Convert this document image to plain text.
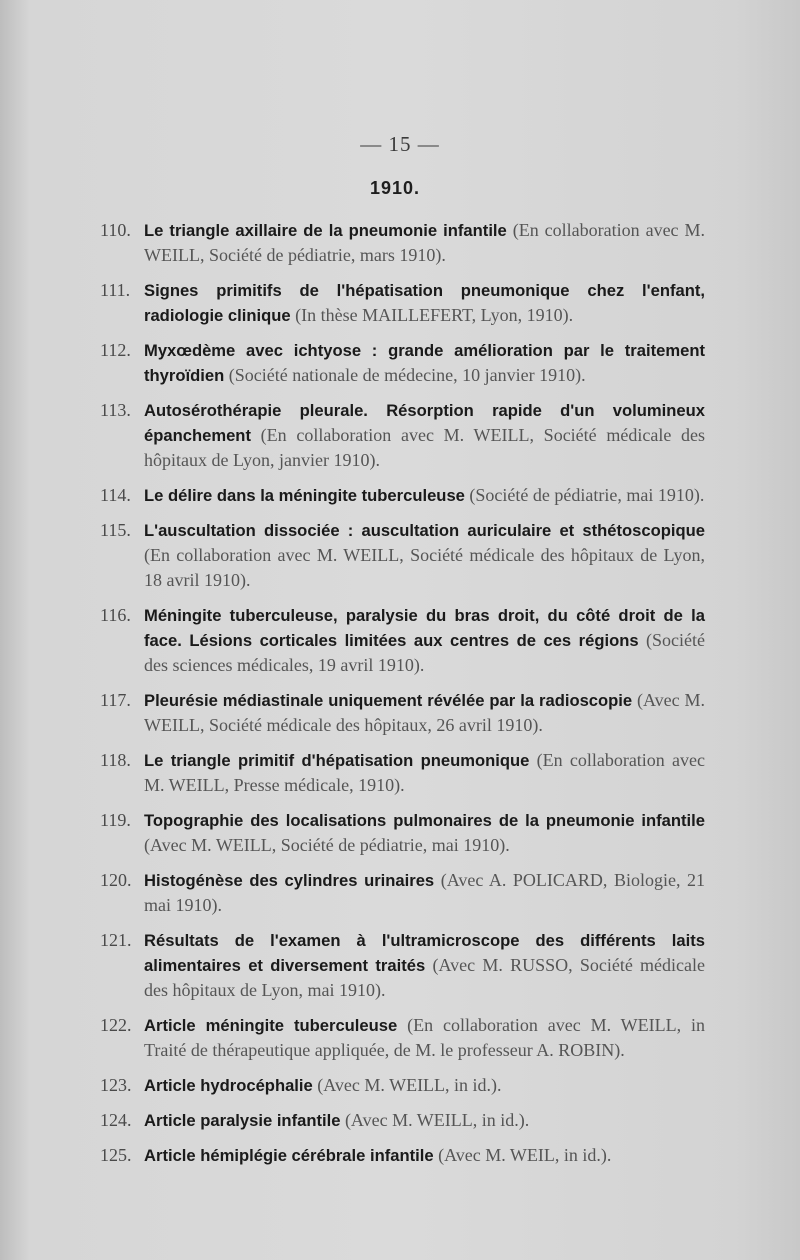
— 15 —
1910.
110. Le triangle axillaire de la pneumonie infantile (En collaboration avec M. WEILL, Société de pédiatrie, mars 1910).
111. Signes primitifs de l'hépatisation pneumonique chez l'enfant, radiologie clinique (In thèse MAILLEFERT, Lyon, 1910).
112. Myxœdème avec ichtyose : grande amélioration par le traitement thyroïdien (Société nationale de médecine, 10 janvier 1910).
113. Autosérothérapie pleurale. Résorption rapide d'un volumineux épanchement (En collaboration avec M. WEILL, Société médicale des hôpitaux de Lyon, janvier 1910).
114. Le délire dans la méningite tuberculeuse (Société de pédiatrie, mai 1910).
115. L'auscultation dissociée : auscultation auriculaire et sthétoscopique (En collaboration avec M. WEILL, Société médicale des hôpitaux de Lyon, 18 avril 1910).
116. Méningite tuberculeuse, paralysie du bras droit, du côté droit de la face. Lésions corticales limitées aux centres de ces régions (Société des sciences médicales, 19 avril 1910).
117. Pleurésie médiastinale uniquement révélée par la radioscopie (Avec M. WEILL, Société médicale des hôpitaux, 26 avril 1910).
118. Le triangle primitif d'hépatisation pneumonique (En collaboration avec M. WEILL, Presse médicale, 1910).
119. Topographie des localisations pulmonaires de la pneumonie infantile (Avec M. WEILL, Société de pédiatrie, mai 1910).
120. Histogénèse des cylindres urinaires (Avec A. POLICARD, Biologie, 21 mai 1910).
121. Résultats de l'examen à l'ultramicroscope des différents laits alimentaires et diversement traités (Avec M. RUSSO, Société médicale des hôpitaux de Lyon, mai 1910).
122. Article méningite tuberculeuse (En collaboration avec M. WEILL, in Traité de thérapeutique appliquée, de M. le professeur A. ROBIN).
123. Article hydrocéphalie (Avec M. WEILL, in id.).
124. Article paralysie infantile (Avec M. WEILL, in id.).
125. Article hémiplégie cérébrale infantile (Avec M. WEIL, in id.).
